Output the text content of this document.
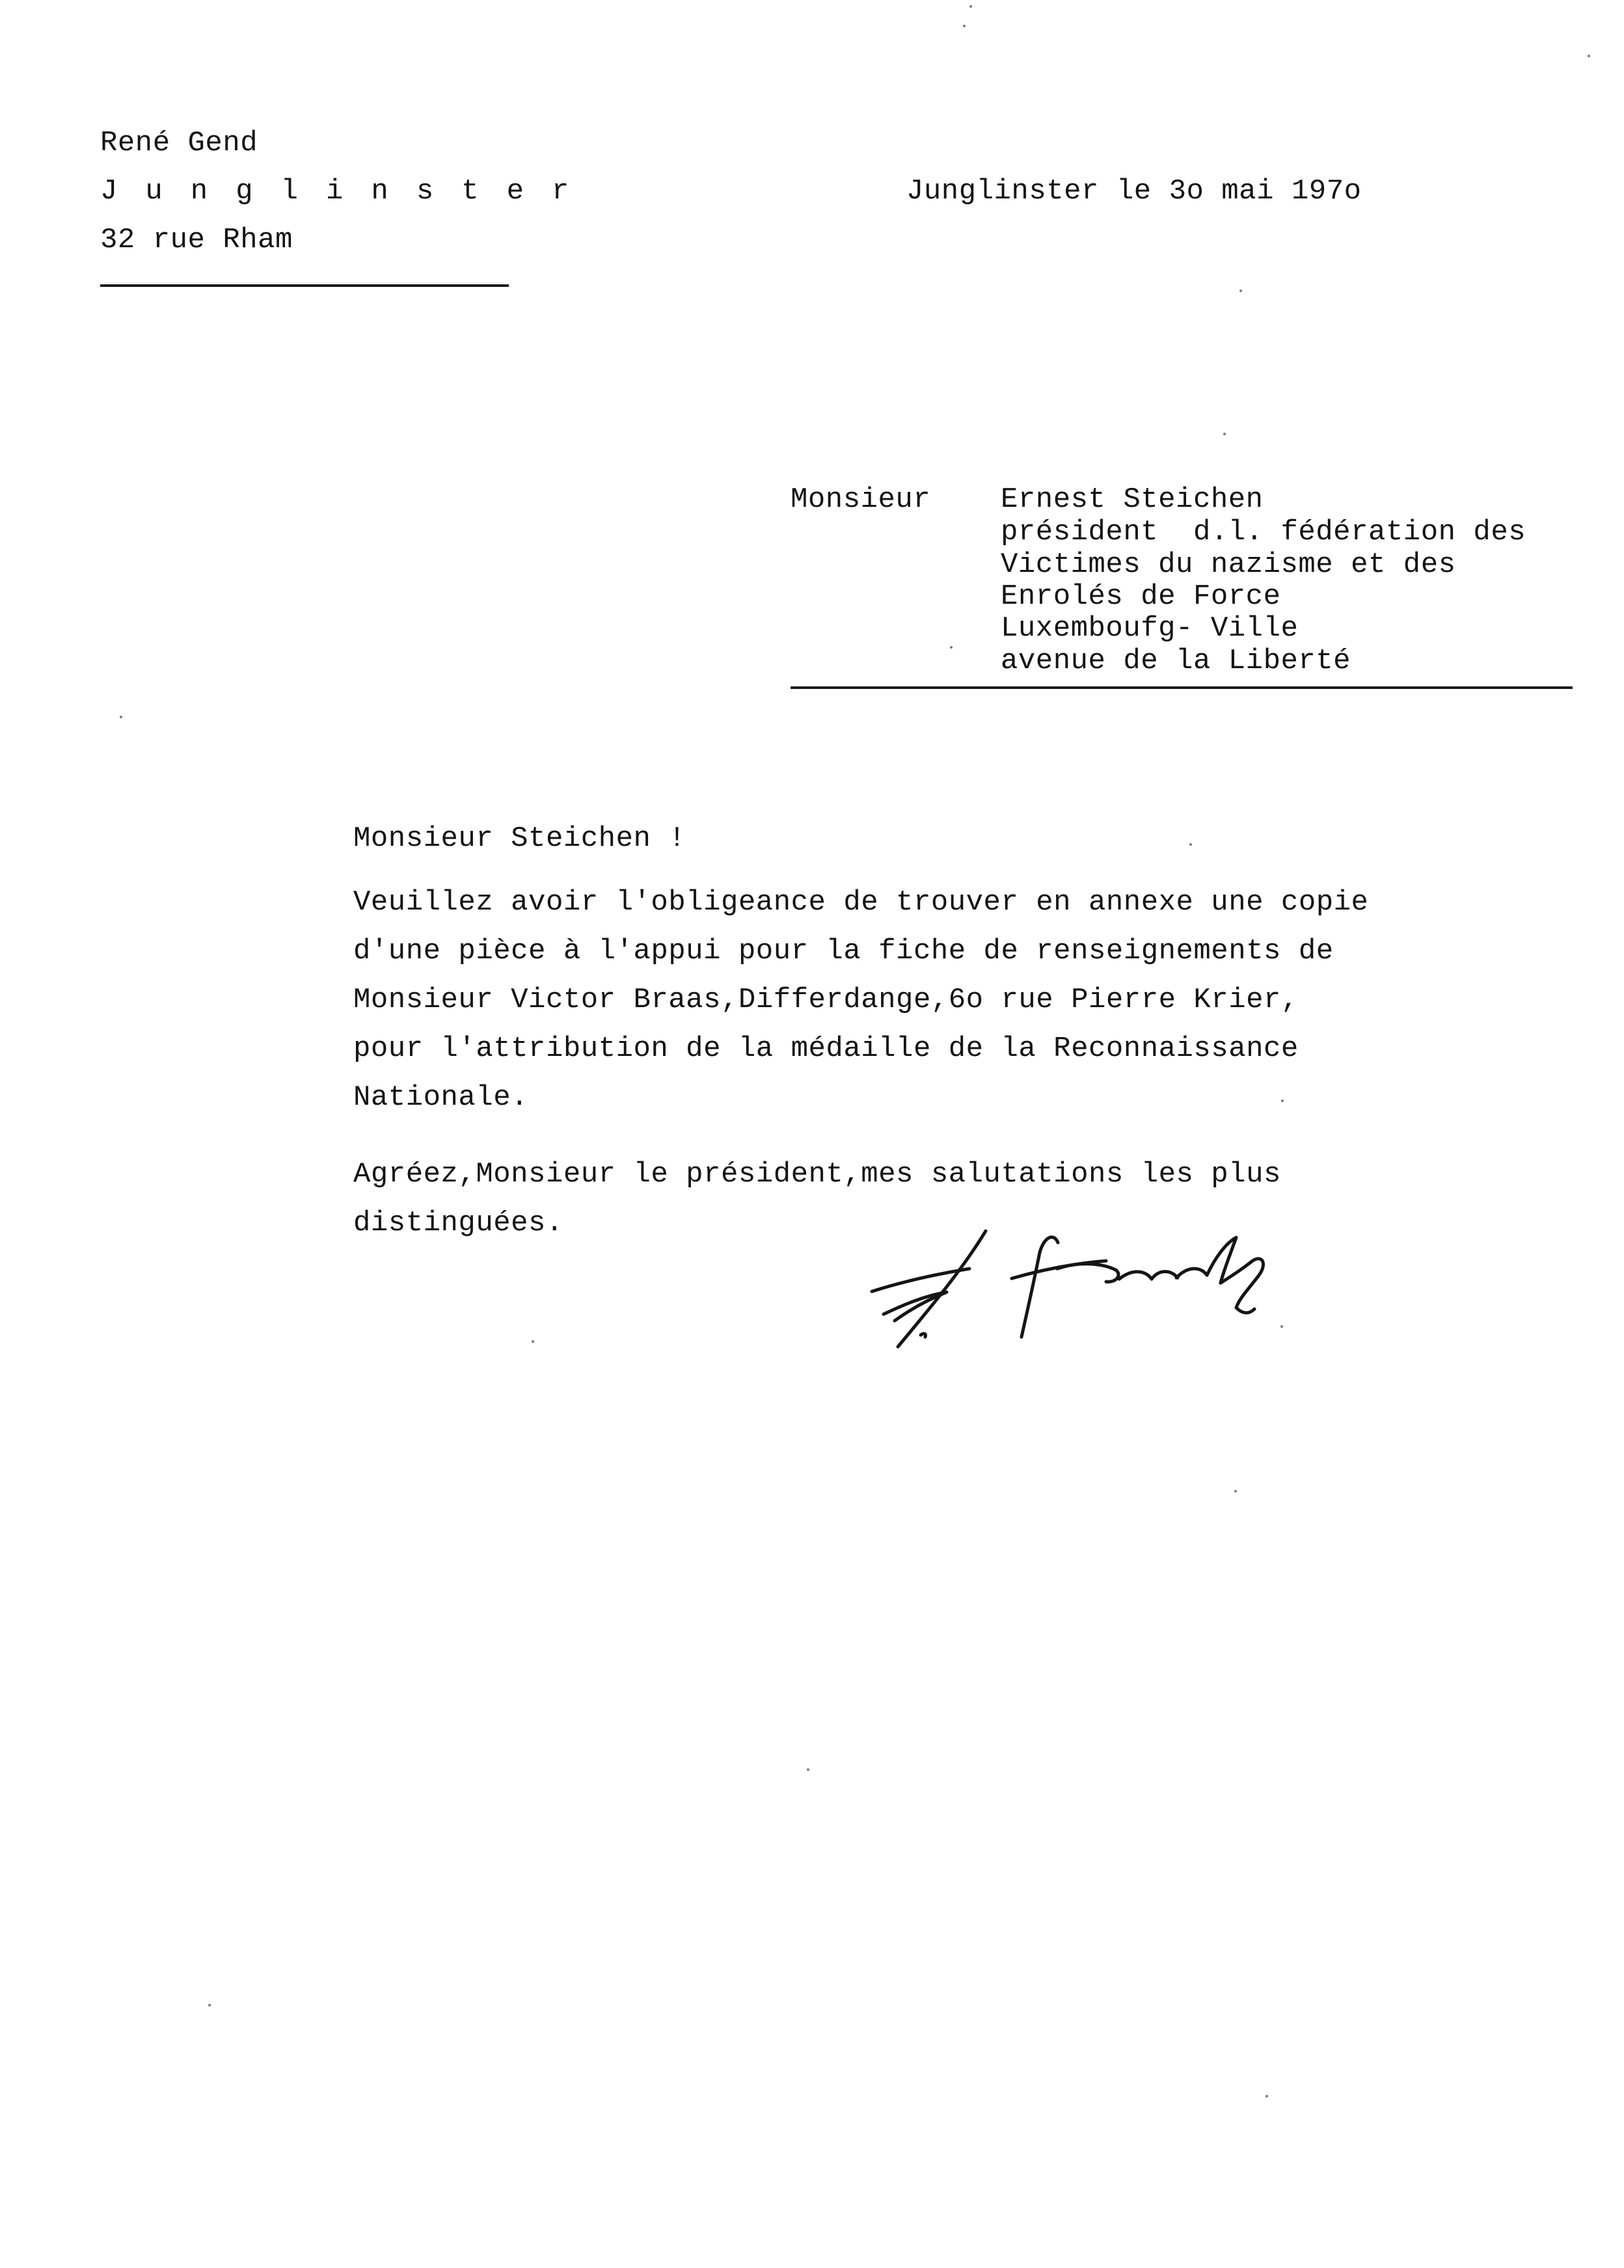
René Gend
Junglinster
32 rue Rham
Junglinster le 3o mai 197o
Monsieur Ernest Steichen
président  d.l. fédération des
Victimes du nazisme et des
Enrolés de Force
Luxemboufg- Ville
avenue de la Liberté
Monsieur Steichen !
Veuillez avoir l'obligeance de trouver en annexe une copie
d'une pièce à l'appui pour la fiche de renseignements de
Monsieur Victor Braas,Differdange,6o rue Pierre Krier,
pour l'attribution de la médaille de la Reconnaissance
Nationale.
Agréez,Monsieur le président,mes salutations les plus
distinguées.
